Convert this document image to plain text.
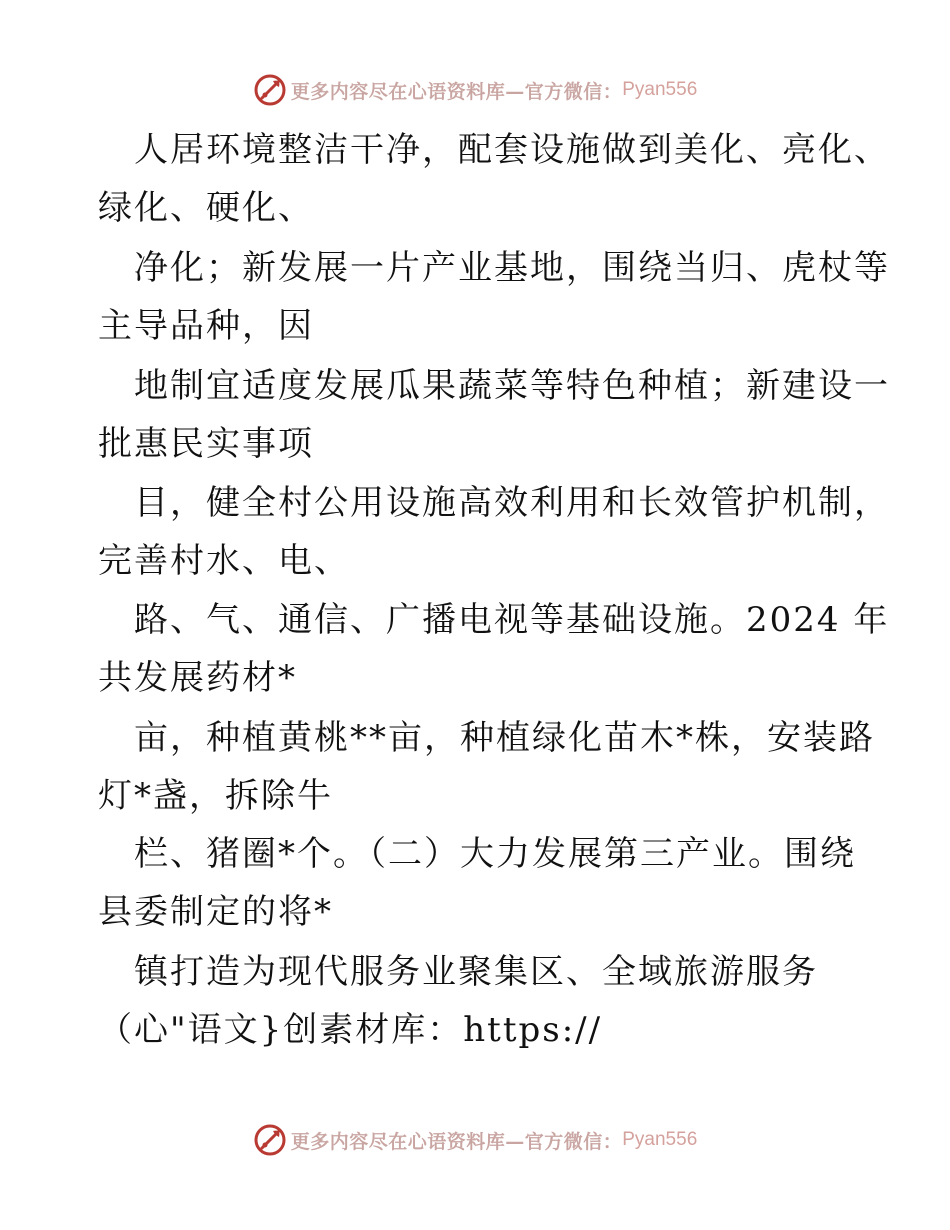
更多内容尽在心语资料库—官方微信： Pyan556
人居环境整洁干净，配套设施做到美化、亮化、
绿化、硬化、
净化；新发展一片产业基地，围绕当归、虎杖等
主导品种，因
地制宜适度发展瓜果蔬菜等特色种植；新建设一
批惠民实事项
目，健全村公用设施高效利用和长效管护机制，
完善村水、电、
路、气、通信、广播电视等基础设施。2024 年
共发展药材*
亩，种植黄桃**亩，种植绿化苗木*株，安装路
灯*盏，拆除牛
栏、猪圈*个。（二）大力发展第三产业。围绕
县委制定的将*
镇打造为现代服务业聚集区、全域旅游服务
（心"语文}创素材库：https://
更多内容尽在心语资料库—官方微信： Pyan556
